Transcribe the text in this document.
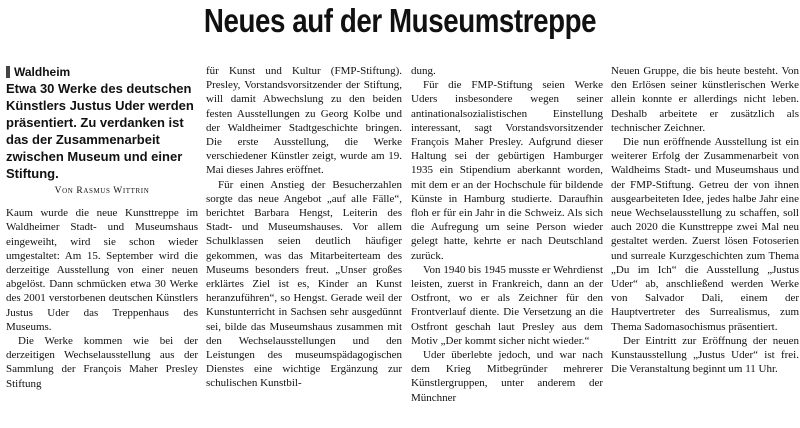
Neues auf der Museumstreppe
Waldheim

Etwa 30 Werke des deutschen Künstlers Justus Uder werden präsentiert. Zu verdanken ist das der Zusammenarbeit zwischen Museum und einer Stiftung.

Von Rasmus Wittrin

Kaum wurde die neue Kunsttreppe im Waldheimer Stadt- und Museumshaus eingeweiht, wird sie schon wieder umgestaltet: Am 15. September wird die derzeitige Ausstellung von einer neuen abgelöst. Dann schmücken etwa 30 Werke des 2001 verstorbenen deutschen Künstlers Justus Uder das Treppenhaus des Museums.

Die Werke kommen wie bei der derzeitigen Wechselausstellung aus der Sammlung der François Maher Presley Stiftung

für Kunst und Kultur (FMP-Stiftung). Presley, Vorstandsvorsitzender der Stiftung, will damit Abwechslung zu den beiden festen Ausstellungen zu Georg Kolbe und der Waldheimer Stadtgeschichte bringen. Die erste Ausstellung, die Werke verschiedener Künstler zeigt, wurde am 19. Mai dieses Jahres eröffnet.

Für einen Anstieg der Besucherzahlen sorgte das neue Angebot „auf alle Fälle“, berichtet Barbara Hengst, Leiterin des Stadt- und Museumshauses. Vor allem Schulklassen seien deutlich häufiger gekommen, was das Mitarbeiterteam des Museums besonders freut. „Unser großes erklärtes Ziel ist es, Kinder an Kunst heranzuführen“, so Hengst. Gerade weil der Kunstunterricht in Sachsen sehr ausgedünnt sei, bilde das Museumshaus zusammen mit den Wechselausstellungen und den Leistungen des museumspädagogischen Dienstes eine wichtige Ergänzung zur schulischen Kunstbil-

dung.

Für die FMP-Stiftung seien Werke Uders insbesondere wegen seiner antinationalsozialistischen Einstellung interessant, sagt Vorstandsvorsitzender François Maher Presley. Aufgrund dieser Haltung sei der gebürtigen Hamburger 1935 ein Stipendium aberkannt worden, mit dem er an der Hochschule für bildende Künste in Hamburg studierte. Daraufhin floh er für ein Jahr in die Schweiz. Als sich die Aufregung um seine Person wieder gelegt hatte, kehrte er nach Deutschland zurück.

Von 1940 bis 1945 musste er Wehrdienst leisten, zuerst in Frankreich, dann an der Ostfront, wo er als Zeichner für den Frontverlauf diente. Die Versetzung an die Ostfront geschah laut Presley aus dem Motiv „Der kommt sicher nicht wieder.“

Uder überlebte jedoch, und war nach dem Krieg Mitbegründer mehrerer Künstlergruppen, unter anderem der Münchner

Neuen Gruppe, die bis heute besteht. Von den Erlösen seiner künstlerischen Werke allein konnte er allerdings nicht leben. Deshalb arbeitete er zusätzlich als technischer Zeichner.

Die nun eröffnende Ausstellung ist ein weiterer Erfolg der Zusammenarbeit von Waldheims Stadt- und Museumshaus und der FMP-Stiftung. Getreu der von ihnen ausgearbeiteten Idee, jedes halbe Jahr eine neue Wechselausstellung zu schaffen, soll auch 2020 die Kunsttreppe zwei Mal neu gestaltet werden. Zuerst lösen Fotoserien und surreale Kurzgeschichten zum Thema „Du im Ich“ die Ausstellung „Justus Uder“ ab, anschließend werden Werke von Salvador Dali, einem der Hauptvertreter des Surrealismus, zum Thema Sadomasochismus präsentiert.

Der Eintritt zur Eröffnung der neuen Kunstausstellung „Justus Uder“ ist frei. Die Veranstaltung beginnt um 11 Uhr.
